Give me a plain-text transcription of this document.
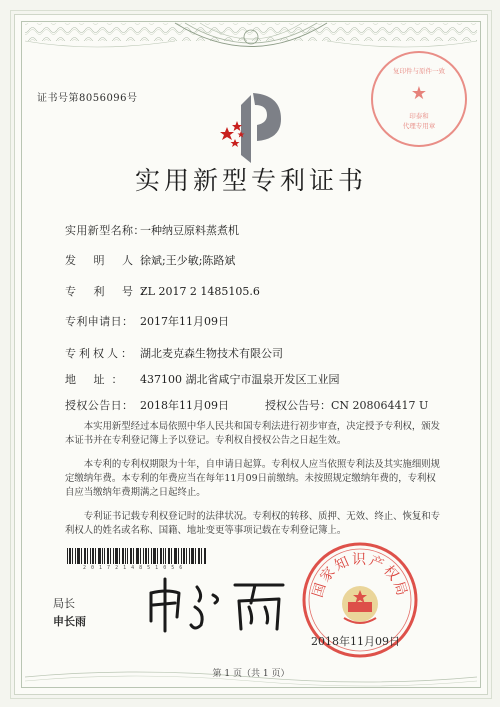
证书号第8056096号
复印件与原件一致
★
印泰和
代理专用章
实用新型专利证书
实用新型名称：一种纳豆原料蒸煮机
发 明 人：徐斌;王少敏;陈路斌
专 利 号：ZL 2017 2 1485105.6
专利申请日： 2017年11月09日
专利权人： 湖北麦克森生物技术有限公司
地 址： 437100 湖北省咸宁市温泉开发区工业园
授权公告日： 2018年11月09日	授权公告号：CN 208064417 U
本实用新型经过本局依照中华人民共和国专利法进行初步审查，决定授予专利权，颁发本证书并在专利登记簿上予以登记。专利权自授权公告之日起生效。
本专利的专利权期限为十年，自申请日起算。专利权人应当依照专利法及其实施细则规定缴纳年费。本专利的年费应当在每年11月09日前缴纳。未按照规定缴纳年费的，专利权自应当缴纳年费期满之日起终止。
专利证书记载专利权登记时的法律状况。专利权的转移、质押、无效、终止、恢复和专利权人的姓名或名称、国籍、地址变更等事项记载在专利登记簿上。
2 0 1 7 2 1 4 8 5 1 0 5 6
局长
申长雨
国家知识产权局
2018年11月09日
第 1 页（共 1 页）
